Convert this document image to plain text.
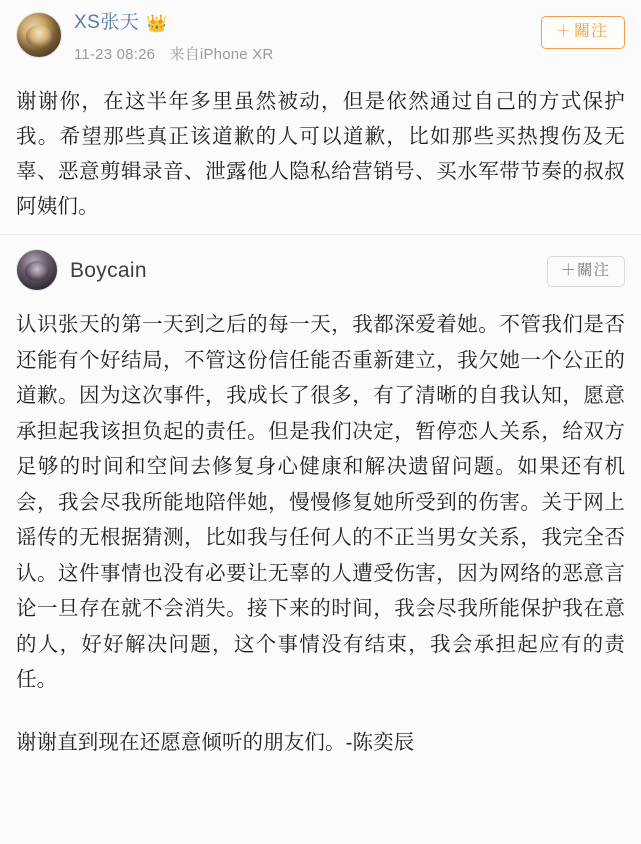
XS张天 👑
11-23 08:26 来自iPhone XR
＋ 關注
谢谢你，在这半年多里虽然被动，但是依然通过自己的方式保护我。希望那些真正该道歉的人可以道歉，比如那些买热搜伤及无辜、恶意剪辑录音、泄露他人隐私给营销号、买水军带节奏的叔叔阿姨们。
Boycain	＋關注
认识张天的第一天到之后的每一天，我都深爱着她。不管我们是否还能有个好结局，不管这份信任能否重新建立，我欠她一个公正的道歉。因为这次事件，我成长了很多，有了清晰的自我认知，愿意承担起我该担负起的责任。但是我们决定，暂停恋人关系，给双方足够的时间和空间去修复身心健康和解决遗留问题。如果还有机会，我会尽我所能地陪伴她，慢慢修复她所受到的伤害。关于网上谣传的无根据猜测，比如我与任何人的不正当男女关系，我完全否认。这件事情也没有必要让无辜的人遭受伤害，因为网络的恶意言论一旦存在就不会消失。接下来的时间，我会尽我所能保护我在意的人，好好解决问题，这个事情没有结束，我会承担起应有的责任。
谢谢直到现在还愿意倾听的朋友们。-陈奕辰
